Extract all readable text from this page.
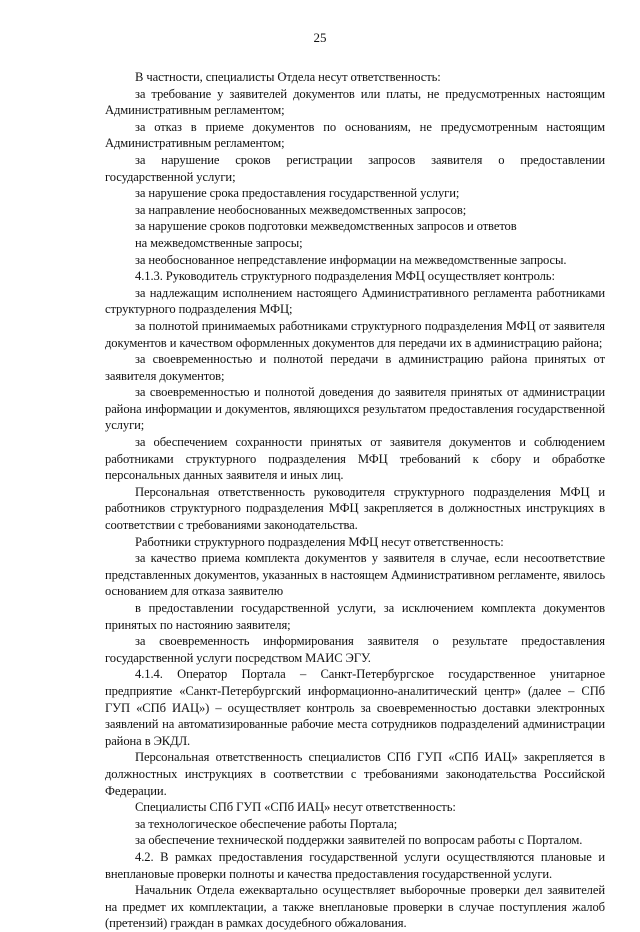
25

В частности, специалисты Отдела несут ответственность:

за требование у заявителей документов или платы, не предусмотренных настоящим Административным регламентом;

за отказ в приеме документов по основаниям, не предусмотренным настоящим Административным регламентом;

за нарушение сроков регистрации запросов заявителя о предоставлении государственной услуги;

за нарушение срока предоставления государственной услуги;

за направление необоснованных межведомственных запросов;

за нарушение сроков подготовки межведомственных запросов и ответов

на межведомственные запросы;

за необоснованное непредставление информации на межведомственные запросы.

4.1.3. Руководитель структурного подразделения МФЦ осуществляет контроль:

за надлежащим исполнением настоящего Административного регламента работниками структурного подразделения МФЦ;

за полнотой принимаемых работниками структурного подразделения МФЦ от заявителя документов и качеством оформленных документов для передачи их в администрацию района;

за своевременностью и полнотой передачи в администрацию района принятых от заявителя документов;

за своевременностью и полнотой доведения до заявителя принятых от администрации района информации и документов, являющихся результатом предоставления государственной услуги;

за обеспечением сохранности принятых от заявителя документов и соблюдением работниками структурного подразделения МФЦ требований к сбору и обработке персональных данных заявителя и иных лиц.

Персональная ответственность руководителя структурного подразделения МФЦ и работников структурного подразделения МФЦ закрепляется в должностных инструкциях в соответствии с требованиями законодательства.

Работники структурного подразделения МФЦ несут ответственность:

за качество приема комплекта документов у заявителя в случае, если несоответствие представленных документов, указанных в настоящем Административном регламенте, явилось основанием для отказа заявителю

в предоставлении государственной услуги, за исключением комплекта документов принятых по настоянию заявителя;

за своевременность информирования заявителя о результате предоставления государственной услуги посредством МАИС ЭГУ.

4.1.4. Оператор Портала – Санкт-Петербургское государственное унитарное предприятие «Санкт-Петербургский информационно-аналитический центр» (далее – СПб ГУП «СПб ИАЦ») – осуществляет контроль за своевременностью доставки электронных заявлений на автоматизированные рабочие места сотрудников подразделений администрации района в ЭКДЛ.

Персональная ответственность специалистов СПб ГУП «СПб ИАЦ» закрепляется в должностных инструкциях в соответствии с требованиями законодательства Российской Федерации.

Специалисты СПб ГУП «СПб ИАЦ» несут ответственность:

за технологическое обеспечение работы Портала;

за обеспечение технической поддержки заявителей по вопросам работы с Порталом.

4.2. В рамках предоставления государственной услуги осуществляются плановые и внеплановые проверки полноты и качества предоставления государственной услуги.

Начальник Отдела ежеквартально осуществляет выборочные проверки дел заявителей на предмет их комплектации, а также внеплановые проверки в случае поступления жалоб (претензий) граждан в рамках досудебного обжалования.
